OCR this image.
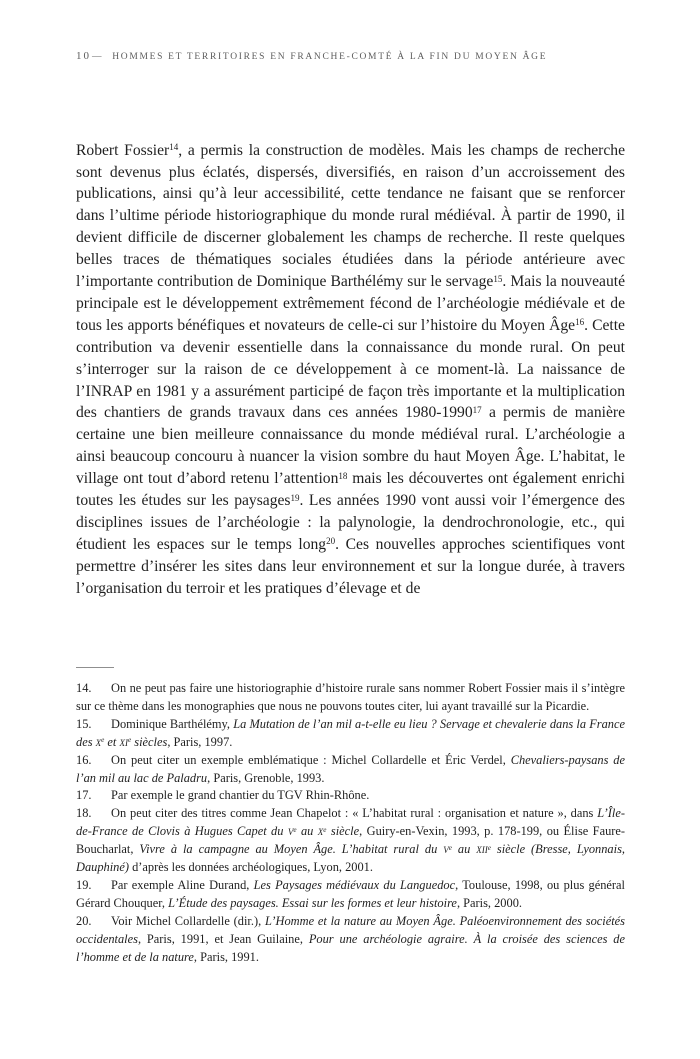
10— HOMMES ET TERRITOIRES EN FRANCHE-COMTÉ À LA FIN DU MOYEN ÂGE

Robert Fossier$^{14}$, a permis la construction de modèles. Mais les champs de recherche sont devenus plus éclatés, dispersés, diversifiés, en raison d’un accroissement des publications, ainsi qu’à leur accessibilité, cette tendance ne faisant que se renforcer dans l’ultime période historiographique du monde rural médiéval. À partir de 1990, il devient difficile de discerner globalement les champs de recherche. Il reste quelques belles traces de thématiques sociales étudiées dans la période antérieure avec l’importante contribution de Dominique Barthélémy sur le servage$^{15}$. Mais la nouveauté principale est le développement extrêmement fécond de l’archéologie médiévale et de tous les apports bénéfiques et novateurs de celle-ci sur l’histoire du Moyen Âge$^{16}$. Cette contribution va devenir essentielle dans la connaissance du monde rural. On peut s’interroger sur la raison de ce développement à ce moment-là. La naissance de l’INRAP en 1981 y a assurément participé de façon très importante et la multiplication des chantiers de grands travaux dans ces années 1980-1990$^{17}$ a permis de manière certaine une bien meilleure connaissance du monde médiéval rural. L’archéologie a ainsi beaucoup concouru à nuancer la vision sombre du haut Moyen Âge. L’habitat, le village ont tout d’abord retenu l’attention$^{18}$ mais les découvertes ont également enrichi toutes les études sur les paysages$^{19}$. Les années 1990 vont aussi voir l’émergence des disciplines issues de l’archéologie : la palynologie, la dendrochronologie, etc., qui étudient les espaces sur le temps long$^{20}$. Ces nouvelles approches scientifiques vont permettre d’insérer les sites dans leur environnement et sur la longue durée, à travers l’organisation du terroir et les pratiques d’élevage et de

14. On ne peut pas faire une historiographie d’histoire rurale sans nommer Robert Fossier mais il s’intègre sur ce thème dans les monographies que nous ne pouvons toutes citer, lui ayant travaillé sur la Picardie.

15. Dominique Barthélémy, La Mutation de l’an mil a-t-elle eu lieu ? Servage et chevalerie dans la France des $x^e$ et $xi^e$ siècles, Paris, 1997.

16. On peut citer un exemple emblématique : Michel Collardelle et Éric Verdel, Chevaliers-paysans de l’an mil au lac de Paladru, Paris, Grenoble, 1993.

17. Par exemple le grand chantier du TGV Rhin-Rhône.

18. On peut citer des titres comme Jean Chapelot : « L’habitat rural : organisation et nature », dans L’Île-de-France de Clovis à Hugues Capet du $v^e$ au $x^e$ siècle, Guiry-en-Vexin, 1993, p. 178-199, ou Élise Faure-Boucharlat, Vivre à la campagne au Moyen Âge. L’habitat rural du $v^e$ au xii$^e$ siècle (Bresse, Lyonnais, Dauphiné) d’après les données archéologiques, Lyon, 2001.

19. Par exemple Aline Durand, Les Paysages médiévaux du Languedoc, Toulouse, 1998, ou plus général Gérard Chouquer, L’Étude des paysages. Essai sur les formes et leur histoire, Paris, 2000.

20. Voir Michel Collardelle (dir.), L’Homme et la nature au Moyen Âge. Paléoenvironnement des sociétés occidentales, Paris, 1991, et Jean Guilaine, Pour une archéologie agraire. À la croisée des sciences de l’homme et de la nature, Paris, 1991.
